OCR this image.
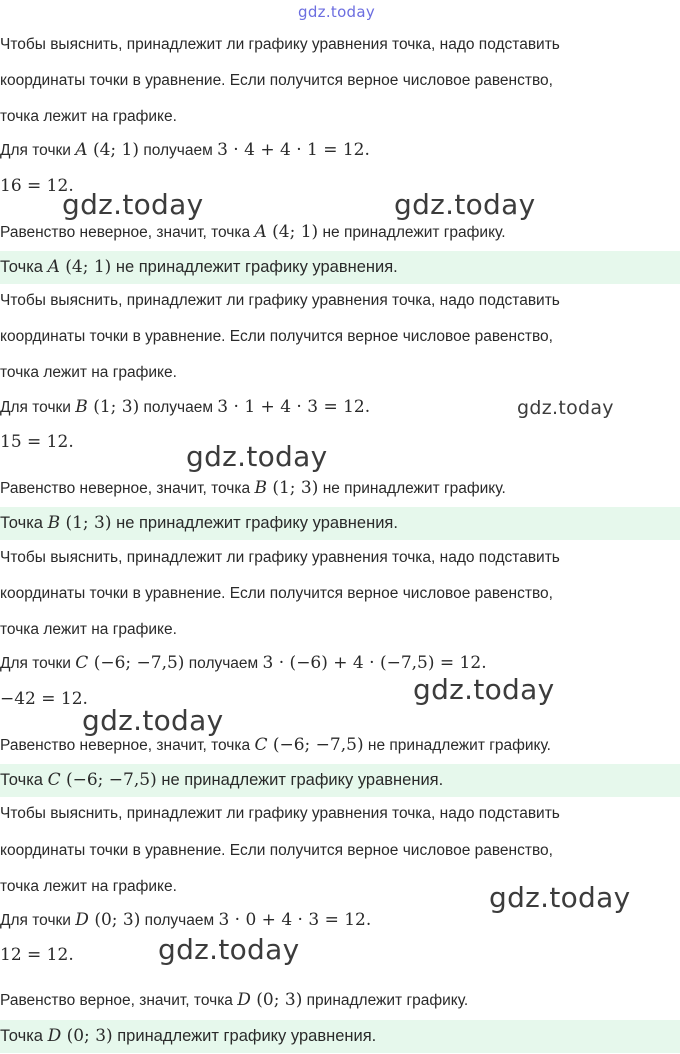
gdz.today
Чтобы выяснить, принадлежит ли графику уравнения точка, надо подставить
координаты точки в уравнение. Если получится верное числовое равенство,
точка лежит на графике.
Для точки A (4; 1) получаем 3 · 4 + 4 · 1 = 12.
16 = 12.
Равенство неверное, значит, точка A (4; 1) не принадлежит графику.
Точка A (4; 1) не принадлежит графику уравнения.
Чтобы выяснить, принадлежит ли графику уравнения точка, надо подставить
координаты точки в уравнение. Если получится верное числовое равенство,
точка лежит на графике.
Для точки B (1; 3) получаем 3 · 1 + 4 · 3 = 12.
15 = 12.
Равенство неверное, значит, точка B (1; 3) не принадлежит графику.
Точка B (1; 3) не принадлежит графику уравнения.
Чтобы выяснить, принадлежит ли графику уравнения точка, надо подставить
координаты точки в уравнение. Если получится верное числовое равенство,
точка лежит на графике.
Для точки C (−6; −7,5) получаем 3 · (−6) + 4 · (−7,5) = 12.
−42 = 12.
Равенство неверное, значит, точка C (−6; −7,5) не принадлежит графику.
Точка C (−6; −7,5) не принадлежит графику уравнения.
Чтобы выяснить, принадлежит ли графику уравнения точка, надо подставить
координаты точки в уравнение. Если получится верное числовое равенство,
точка лежит на графике.
Для точки D (0; 3) получаем 3 · 0 + 4 · 3 = 12.
12 = 12.
Равенство верное, значит, точка D (0; 3) принадлежит графику.
Точка D (0; 3) принадлежит графику уравнения.
gdz.today	gdz.today
gdz.today
gdz.today
gdz.today
gdz.today
gdz.today
gdz.today
